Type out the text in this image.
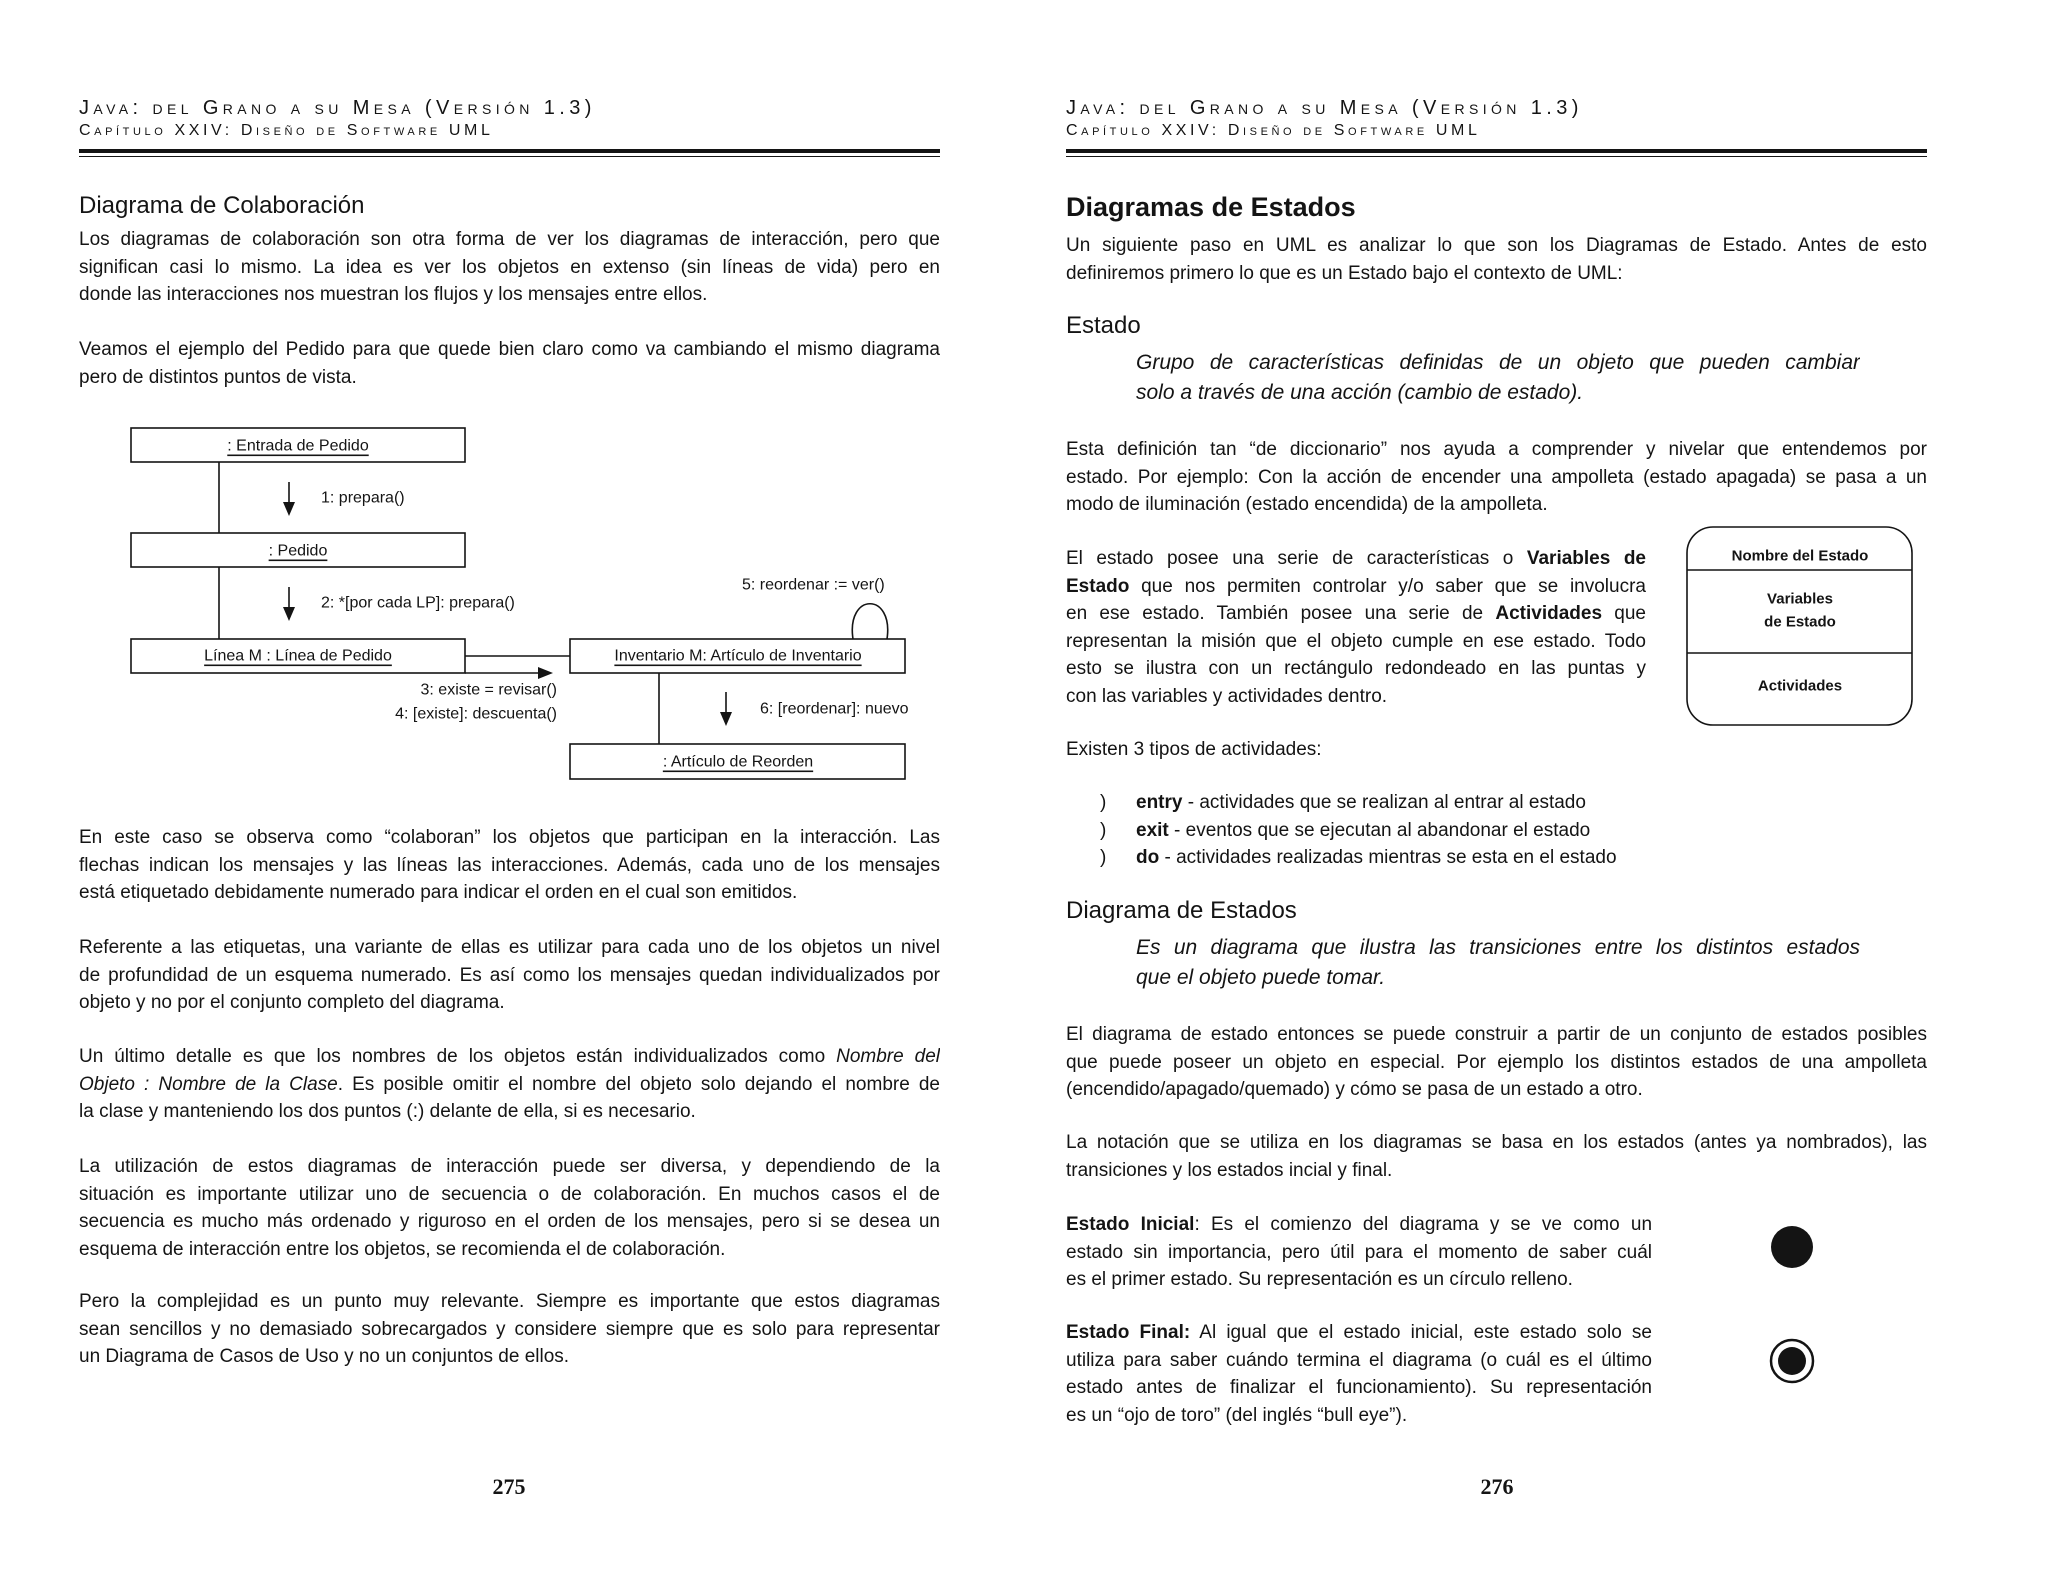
Java: del Grano a su Mesa (Versión 1.3)
Capítulo XXIV: Diseño de Software UML
Diagrama de Colaboración
Los diagramas de colaboración son otra forma de ver los diagramas de interacción, pero que
significan casi lo mismo. La idea es ver los objetos en extenso (sin líneas de vida) pero en
donde las interacciones nos muestran los flujos y los mensajes entre ellos.
Veamos el ejemplo del Pedido para que quede bien claro como va cambiando el mismo diagrama
pero de distintos puntos de vista.
En este caso se observa como “colaboran” los objetos que participan en la interacción. Las
flechas indican los mensajes y las líneas las interacciones. Además, cada uno de los mensajes
está etiquetado debidamente numerado para indicar el orden en el cual son emitidos.
Referente a las etiquetas, una variante de ellas es utilizar para cada uno de los objetos un nivel
de profundidad de un esquema numerado. Es así como los mensajes quedan individualizados por
objeto y no por el conjunto completo del diagrama.
Un último detalle es que los nombres de los objetos están individualizados como Nombre del
Objeto : Nombre de la Clase. Es posible omitir el nombre del objeto solo dejando el nombre de
la clase y manteniendo los dos puntos (:) delante de ella, si es necesario.
La utilización de estos diagramas de interacción puede ser diversa, y dependiendo de la
situación es importante utilizar uno de secuencia o de colaboración. En muchos casos el de
secuencia es mucho más ordenado y riguroso en el orden de los mensajes, pero si se desea un
esquema de interacción entre los objetos, se recomienda el de colaboración.
Pero la complejidad es un punto muy relevante. Siempre es importante que estos diagramas
sean sencillos y no demasiado sobrecargados y considere siempre que es solo para representar
un Diagrama de Casos de Uso y no un conjuntos de ellos.
275
Java: del Grano a su Mesa (Versión 1.3)
Capítulo XXIV: Diseño de Software UML
Diagramas de Estados
Un siguiente paso en UML es analizar lo que son los Diagramas de Estado. Antes de esto
definiremos primero lo que es un Estado bajo el contexto de UML:
Estado
Grupo de características definidas de un objeto que pueden cambiar
solo a través de una acción (cambio de estado).
Esta definición tan “de diccionario” nos ayuda a comprender y nivelar que entendemos por
estado. Por ejemplo: Con la acción de encender una ampolleta (estado apagada) se pasa a un
modo de iluminación (estado encendida) de la ampolleta.
El estado posee una serie de características o Variables de
Estado que nos permiten controlar y/o saber que se involucra
en ese estado. También posee una serie de Actividades que
representan la misión que el objeto cumple en ese estado. Todo
esto se ilustra con un rectángulo redondeado en las puntas y
con las variables y actividades dentro.
Existen 3 tipos de actividades:
) entry - actividades que se realizan al entrar al estado
) exit - eventos que se ejecutan al abandonar el estado
) do - actividades realizadas mientras se esta en el estado
Diagrama de Estados
Es un diagrama que ilustra las transiciones entre los distintos estados
que el objeto puede tomar.
El diagrama de estado entonces se puede construir a partir de un conjunto de estados posibles
que puede poseer un objeto en especial. Por ejemplo los distintos estados de una ampolleta
(encendido/apagado/quemado) y cómo se pasa de un estado a otro.
La notación que se utiliza en los diagramas se basa en los estados (antes ya nombrados), las
transiciones y los estados incial y final.
Estado Inicial: Es el comienzo del diagrama y se ve como un
estado sin importancia, pero útil para el momento de saber cuál
es el primer estado. Su representación es un círculo relleno.
Estado Final: Al igual que el estado inicial, este estado solo se
utiliza para saber cuándo termina el diagrama (o cuál es el último
estado antes de finalizar el funcionamiento). Su representación
es un “ojo de toro” (del inglés “bull eye”).
276
: Entrada de Pedido
1: prepara()
: Pedido
2: *[por cada LP]: prepara()
Línea M : Línea de Pedido
3: existe = revisar()
4: [existe]: descuenta()
Inventario M: Artículo de Inventario
5: reordenar := ver()
6: [reordenar]: nuevo
: Artículo de Reorden
Nombre del Estado
Variables
de Estado
Actividades
